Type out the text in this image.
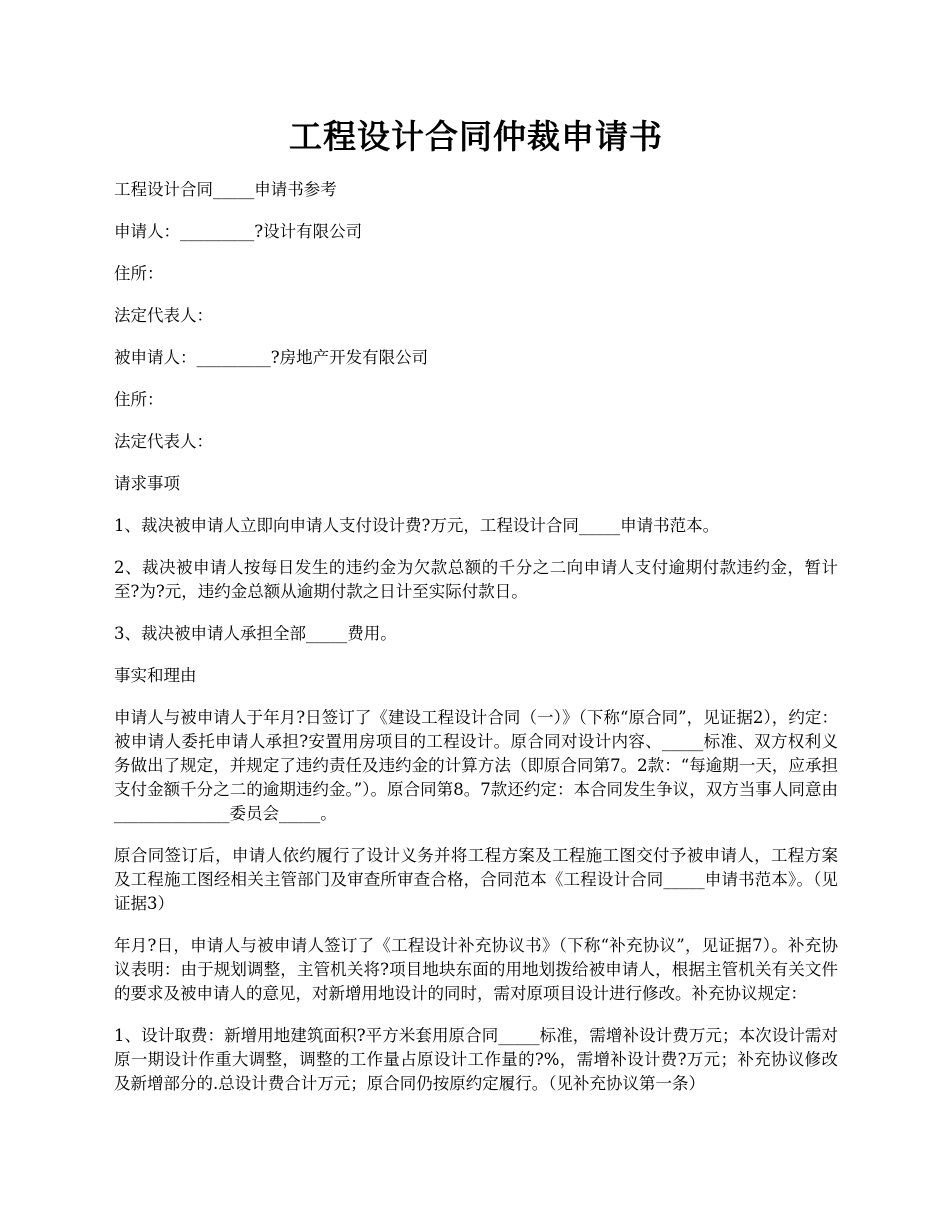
工程设计合同仲裁申请书

工程设计合同_____申请书参考

申请人：_________?设计有限公司

住所：

法定代表人：

被申请人：_________?房地产开发有限公司

住所：

法定代表人：

请求事项

1、裁决被申请人立即向申请人支付设计费?万元，工程设计合同_____申请书范本。

2、裁决被申请人按每日发生的违约金为欠款总额的千分之二向申请人支付逾期付款违约金，暂计至?为?元，违约金总额从逾期付款之日计至实际付款日。

3、裁决被申请人承担全部_____费用。

事实和理由

申请人与被申请人于年月?日签订了《建设工程设计合同（一）》（下称“原合同”，见证据2），约定：被申请人委托申请人承担?安置用房项目的工程设计。原合同对设计内容、_____标准、双方权利义务做出了规定，并规定了违约责任及违约金的计算方法（即原合同第7。2款：“每逾期一天，应承担支付金额千分之二的逾期违约金。”）。原合同第8。7款还约定：本合同发生争议，双方当事人同意由______________委员会_____。

原合同签订后，申请人依约履行了设计义务并将工程方案及工程施工图交付予被申请人，工程方案及工程施工图经相关主管部门及审查所审查合格，合同范本《工程设计合同_____申请书范本》。（见证据3）

年月?日，申请人与被申请人签订了《工程设计补充协议书》（下称“补充协议”，见证据7）。补充协议表明：由于规划调整，主管机关将?项目地块东面的用地划拨给被申请人，根据主管机关有关文件的要求及被申请人的意见，对新增用地设计的同时，需对原项目设计进行修改。补充协议规定：

1、设计取费：新增用地建筑面积?平方米套用原合同_____标准，需增补设计费万元；本次设计需对原一期设计作重大调整，调整的工作量占原设计工作量的?%，需增补设计费?万元；补充协议修改及新增部分的.总设计费合计万元；原合同仍按原约定履行。（见补充协议第一条）
